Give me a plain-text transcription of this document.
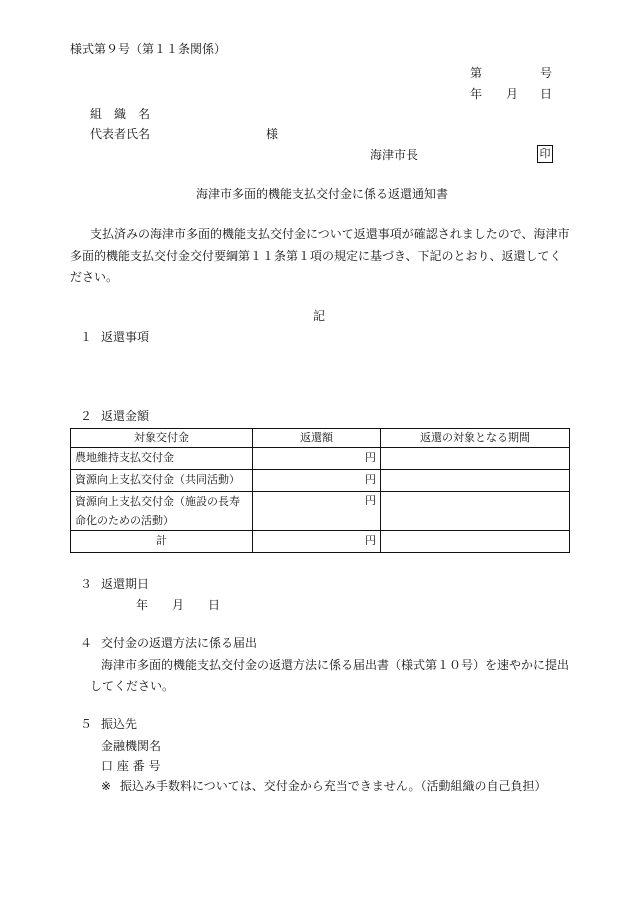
様式第９号（第１１条関係）
第	号
年 月 日
組　織　名
代表者氏名	様
海津市長	印
海津市多面的機能支払交付金に係る返還通知書
支払済みの海津市多面的機能支払交付金について返還事項が確認されましたので、海津市
多面的機能支払交付金交付要綱第１１条第１項の規定に基づき、下記のとおり、返還してく
ださい。
記
１ 返還事項
２ 返還金額
対象交付金	返還額	返還の対象となる期間
農地維持支払交付金	円	
資源向上支払交付金（共同活動）	円	
資源向上支払交付金（施設の長寿
命化のための活動）	円	
計	円	
３ 返還期日
年 月 日
４ 交付金の返還方法に係る届出
海津市多面的機能支払交付金の返還方法に係る届出書（様式第１０号）を速やかに提出
してください。
５ 振込先
金融機関名
口 座 番 号
※ 振込み手数料については、交付金から充当できません。（活動組織の自己負担）
